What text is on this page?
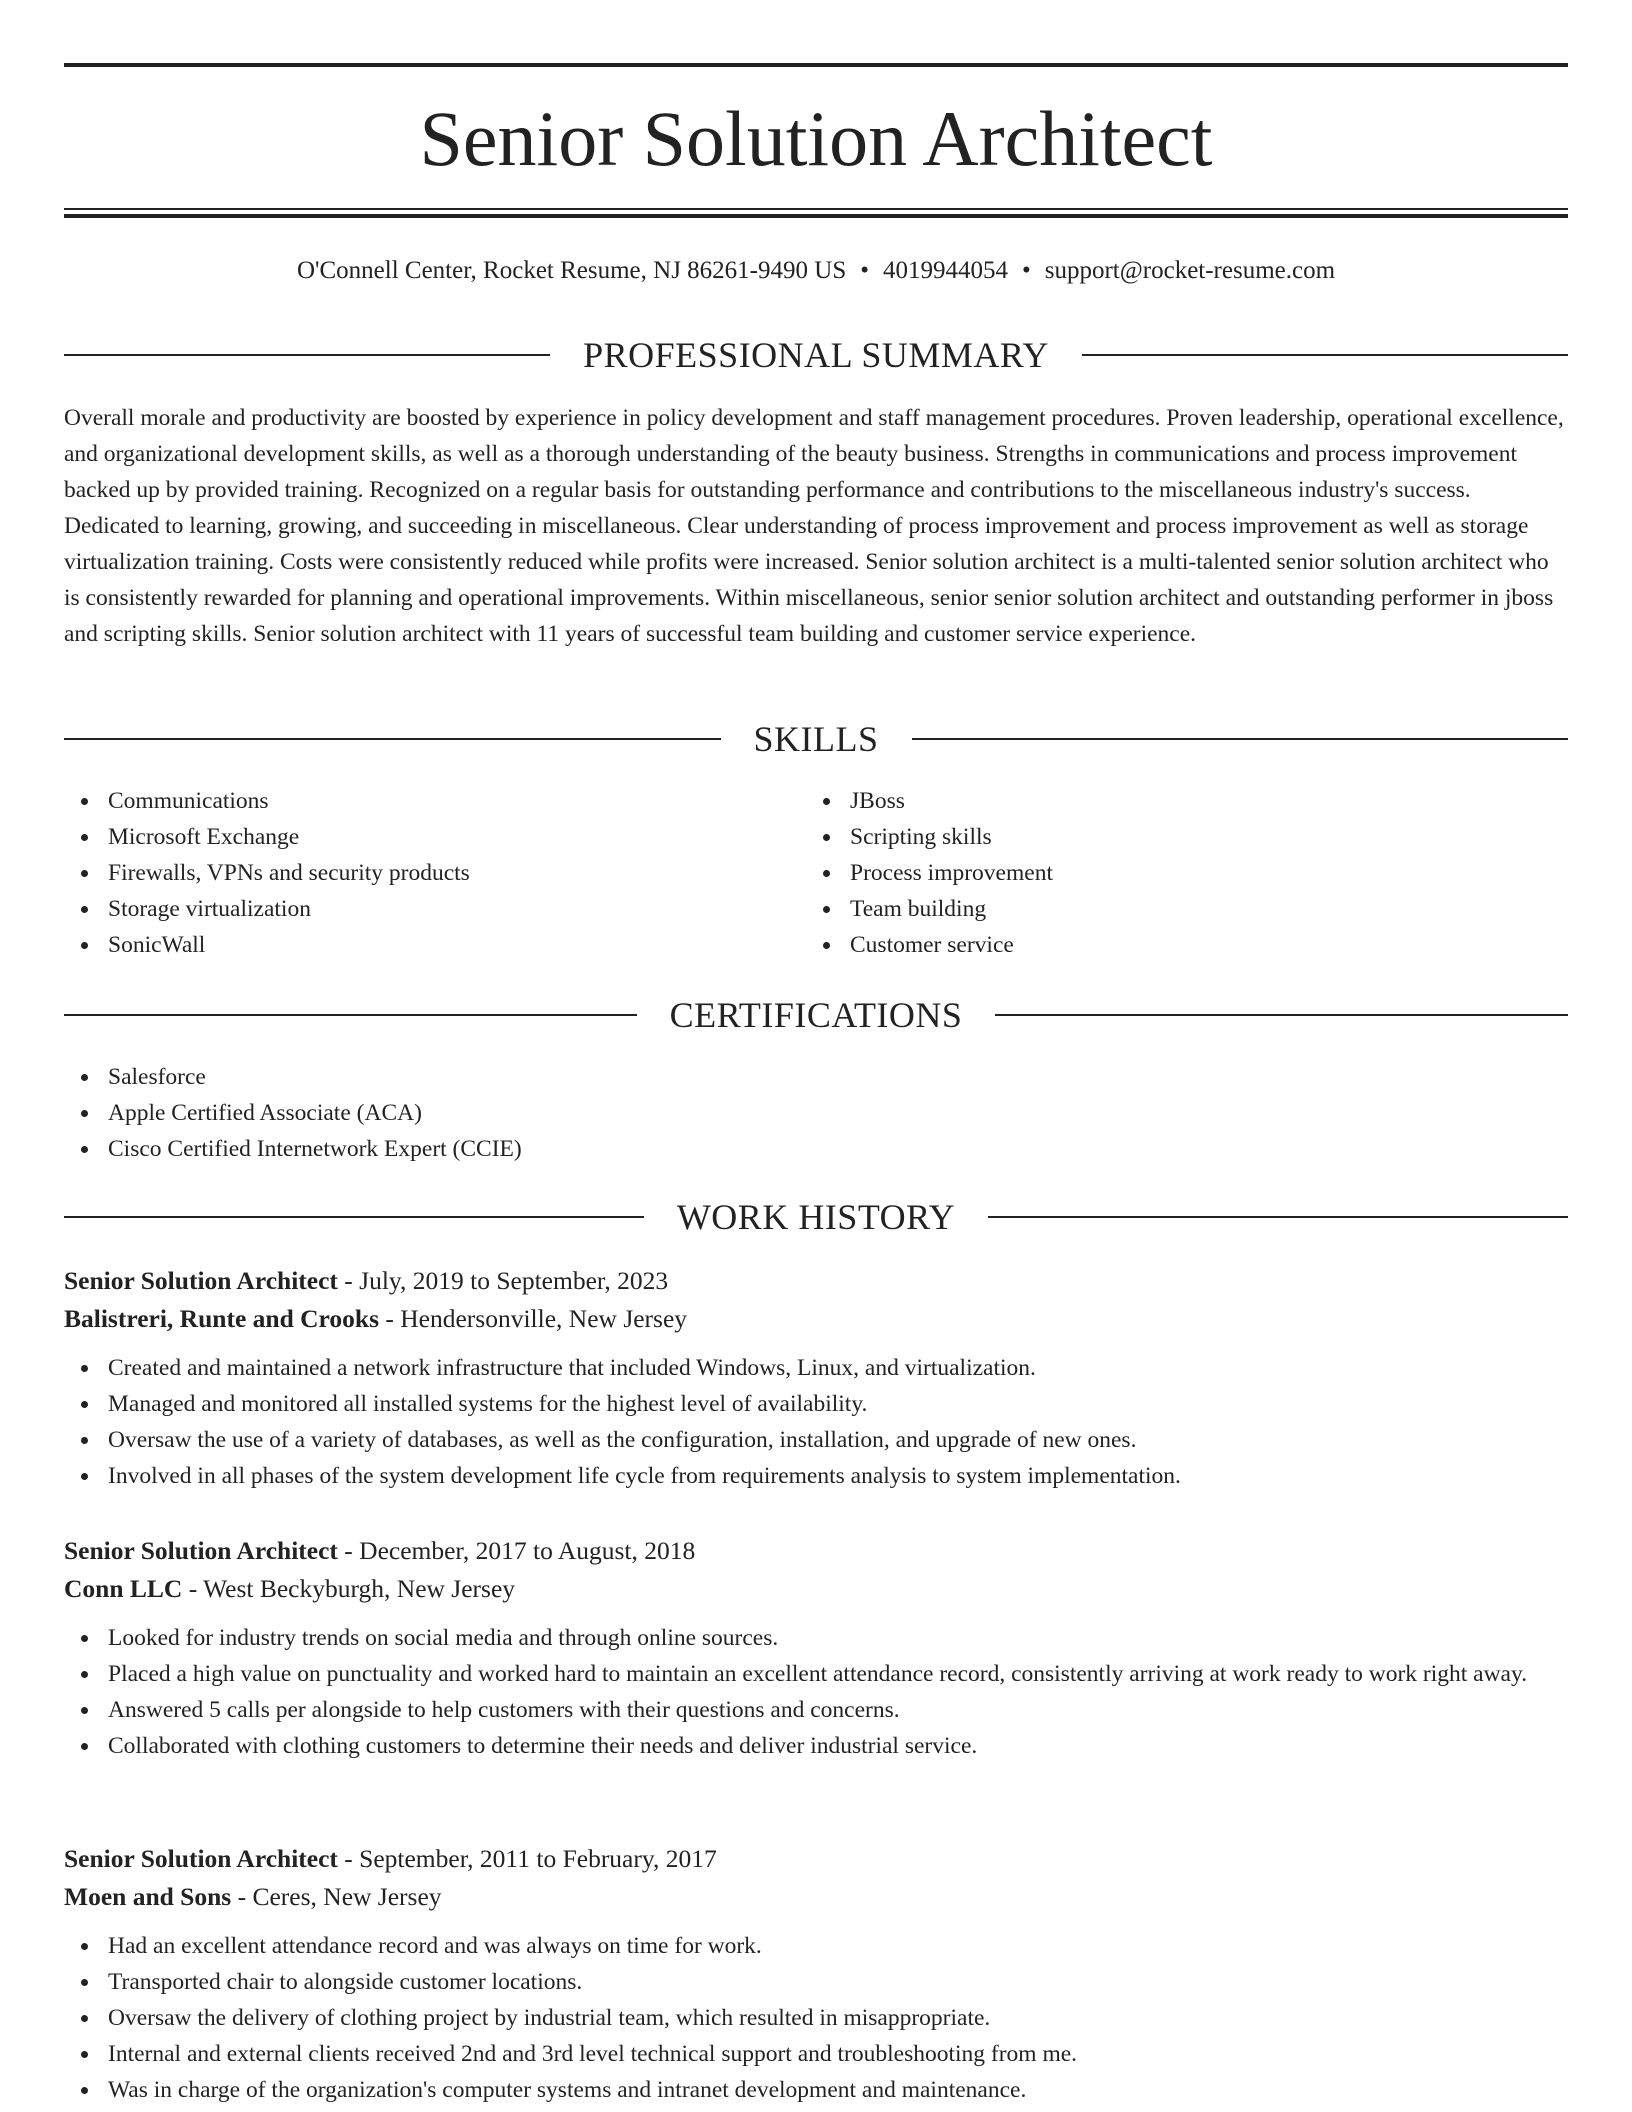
Senior Solution Architect
O'Connell Center, Rocket Resume, NJ 86261-9490 US • 4019944054 • support@rocket-resume.com
PROFESSIONAL SUMMARY

Overall morale and productivity are boosted by experience in policy development and staff management procedures. Proven leadership, operational excellence, and organizational development skills, as well as a thorough understanding of the beauty business. Strengths in communications and process improvement backed up by provided training. Recognized on a regular basis for outstanding performance and contributions to the miscellaneous industry's success. Dedicated to learning, growing, and succeeding in miscellaneous. Clear understanding of process improvement and process improvement as well as storage virtualization training. Costs were consistently reduced while profits were increased. Senior solution architect is a multi-talented senior solution architect who is consistently rewarded for planning and operational improvements. Within miscellaneous, senior senior solution architect and outstanding performer in jboss and scripting skills. Senior solution architect with 11 years of successful team building and customer service experience.

SKILLS
Communications
Microsoft Exchange
Firewalls, VPNs and security products
Storage virtualization
SonicWall
JBoss
Scripting skills
Process improvement
Team building
Customer service
CERTIFICATIONS
Salesforce
Apple Certified Associate (ACA)
Cisco Certified Internetwork Expert (CCIE)
WORK HISTORY
Senior Solution Architect - July, 2019 to September, 2023
Balistreri, Runte and Crooks - Hendersonville, New Jersey
Created and maintained a network infrastructure that included Windows, Linux, and virtualization.
Managed and monitored all installed systems for the highest level of availability.
Oversaw the use of a variety of databases, as well as the configuration, installation, and upgrade of new ones.
Involved in all phases of the system development life cycle from requirements analysis to system implementation.
Senior Solution Architect - December, 2017 to August, 2018
Conn LLC - West Beckyburgh, New Jersey
Looked for industry trends on social media and through online sources.
Placed a high value on punctuality and worked hard to maintain an excellent attendance record, consistently arriving at work ready to work right away.
Answered 5 calls per alongside to help customers with their questions and concerns.
Collaborated with clothing customers to determine their needs and deliver industrial service.
Senior Solution Architect - September, 2011 to February, 2017
Moen and Sons - Ceres, New Jersey
Had an excellent attendance record and was always on time for work.
Transported chair to alongside customer locations.
Oversaw the delivery of clothing project by industrial team, which resulted in misappropriate.
Internal and external clients received 2nd and 3rd level technical support and troubleshooting from me.
Was in charge of the organization's computer systems and intranet development and maintenance.
